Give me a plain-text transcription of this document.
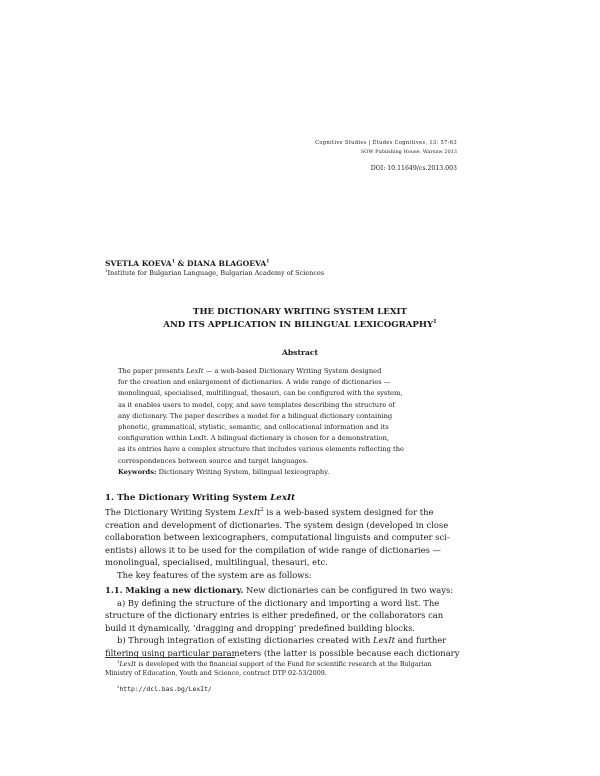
Cognitive Studies | Études Cognitives, 13: 57-63
SOW Publishing House, Warsaw 2013
DOI: 10.11649/cs.2013.003
SVETLA KOEVA$^1$ & DIANA BLAGOEVA$^1$
$^1$Institute for Bulgarian Language, Bulgarian Academy of Sciences
THE DICTIONARY WRITING SYSTEM LEXIT
AND ITS APPLICATION IN BILINGUAL LEXICOGRAPHY$^1$
Abstract
The paper presents LexIt — a web-based Dictionary Writing System designed
for the creation and enlargement of dictionaries. A wide range of dictionaries —
monolingual, specialised, multilingual, thesauri, can be configured with the system,
as it enables users to model, copy, and save templates describing the structure of
any dictionary. The paper describes a model for a bilingual dictionary containing
phonetic, grammatical, stylistic, semantic, and collocational information and its
configuration within LexIt. A bilingual dictionary is chosen for a demonstration,
as its entries have a complex structure that includes various elements reflecting the
correspondences between source and target languages.
Keywords: Dictionary Writing System, bilingual lexicography.
1. The Dictionary Writing System LexIt
The Dictionary Writing System LexIt$^2$ is a web-based system designed for the
creation and development of dictionaries. The system design (developed in close
collaboration between lexicographers, computational linguists and computer sci-
entists) allows it to be used for the compilation of wide range of dictionaries —
monolingual, specialised, multilingual, thesauri, etc.
The key features of the system are as follows:
1.1. Making a new dictionary. New dictionaries can be configured in two ways:
a) By defining the structure of the dictionary and importing a word list. The
structure of the dictionary entries is either predefined, or the collaborators can
build it dynamically, ‘dragging and dropping’ predefined building blocks.
b) Through integration of existing dictionaries created with LexIt and further
filtering using particular parameters (the latter is possible because each dictionary
$^1$LexIt is developed with the financial support of the Fund for scientific research at the Bulgarian
Ministry of Education, Youth and Science, contract DTP 02-53/2009.
$^2$http://dcl.bas.bg/LexIt/
